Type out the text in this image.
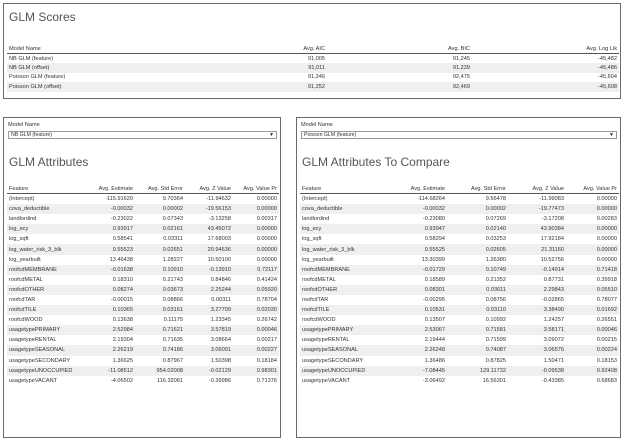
GLM Scores
Model Name	Avg. AIC	Avg. BIC	Avg. Log Lik
NB GLM (feature)	91,005	91,245	-45,482
NB GLM (offset)	91,011	91,239	-45,486
Poisson GLM (feature)	91,246	92,475	-45,604
Poisson GLM (offset)	91,252	92,469	-45,608
Model Name
NB GLM (feature)	▼
GLM Attributes
Feature	Avg. Estimate	Avg. Std Error	Avg. Z Value	Avg. Value Pr
(Intercept)	-115.91620	9.70364	-11.94632	0.00000
cova_deductible	-0.00032	0.00002	-19.56153	0.00000
landlordind	-0.23022	0.07343	-3.13258	0.00317
log_ecy	0.93917	0.02161	43.45072	0.00000
log_sqft	0.58541	0.03311	17.68003	0.00000
log_water_risk_3_blk	0.55523	0.02651	20.94636	0.00000
log_yearbuilt	13.46438	1.28227	10.50100	0.00000
roofcdMEMBRANE	-0.01638	0.10910	-0.13910	0.72117
roofcdMETAL	0.18310	0.21743	0.84846	0.41424
roofcdOTHER	0.08274	0.03673	2.25244	0.05920
roofcdTAR	-0.00015	0.08866	0.00311	0.78704
roofcdTILE	0.10365	0.03161	3.27709	0.02030
roofcdWOOD	0.13638	0.11175	1.23345	0.26742
usagetypePRIMARY	2.52984	0.71621	3.57819	0.00046
usagetypeRENTAL	2.19304	0.71635	3.08664	0.00217
usagetypeSEASONAL	2.26219	0.74186	3.06091	0.00227
usagetypeSECONDARY	1.36625	0.87967	1.50398	0.18184
usagetypeUNOCCUPIED	-11.08512	954.02008	-0.02129	0.98301
usagetypeVACANT	-4.06502	116.32081	-0.39986	0.71376
Model Name
Poisson GLM (feature)	▼
GLM Attributes To Compare
Feature	Avg. Estimate	Avg. Std Error	Avg. Z Value	Avg. Value Pr
(Intercept)	-114.68264	9.56478	-11.99083	0.00000
cova_deductible	-0.00032	0.00002	-19.77473	0.00000
landlordind	-0.23080	0.07269	-3.17208	0.00283
log_ecy	0.93947	0.02140	43.90384	0.00000
log_sqft	0.58294	0.03253	17.92184	0.00000
log_water_risk_3_blk	0.55525	0.02605	21.31160	0.00000
log_yearbuilt	13.30399	1.26380	10.52756	0.00000
roofcdMEMBRANE	-0.01729	0.10749	-0.14914	0.71418
roofcdMETAL	0.18589	0.21352	0.87731	0.39918
roofcdOTHER	0.08301	0.03611	2.29843	0.05510
roofcdTAR	-0.00295	0.08756	-0.02865	0.78077
roofcdTILE	0.10531	0.03110	3.38490	0.01692
roofcdWOOD	0.13507	0.10992	1.24257	0.26551
usagetypePRIMARY	2.53067	0.71581	3.58171	0.00046
usagetypeRENTAL	2.19444	0.71599	3.09072	0.00215
usagetypeSEASONAL	2.26248	0.74087	3.06576	0.00224
usagetypeSECONDARY	1.36486	0.87825	1.50471	0.18153
usagetypeUNOCCUPIED	-7.08445	129.11732	-0.09538	0.92408
usagetypeVACANT	-3.06492	16.56301	-0.43385	0.68683
